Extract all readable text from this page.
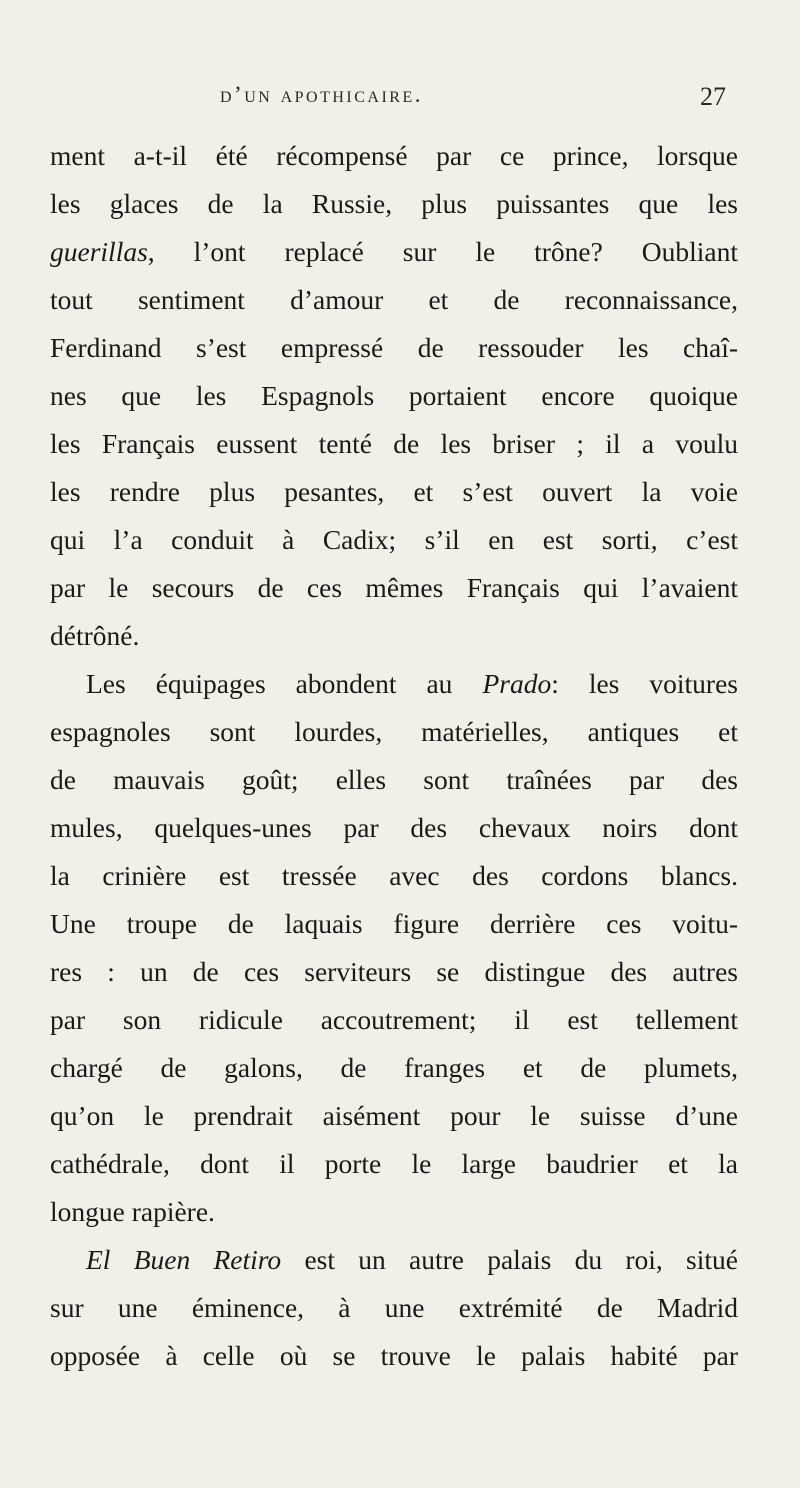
d’un apothicaire.	27
ment a-t-il été récompensé par ce prince, lorsque
les glaces de la Russie, plus puissantes que les
guerillas, l’ont replacé sur le trône? Oubliant
tout sentiment d’amour et de reconnaissance,
Ferdinand s’est empressé de ressouder les chaî-
nes que les Espagnols portaient encore quoique
les Français eussent tenté de les briser ; il a voulu
les rendre plus pesantes, et s’est ouvert la voie
qui l’a conduit à Cadix; s’il en est sorti, c’est
par le secours de ces mêmes Français qui l’avaient
détrôné.
Les équipages abondent au Prado: les voitures
espagnoles sont lourdes, matérielles, antiques et
de mauvais goût; elles sont traînées par des
mules, quelques-unes par des chevaux noirs dont
la crinière est tressée avec des cordons blancs.
Une troupe de laquais figure derrière ces voitu-
res : un de ces serviteurs se distingue des autres
par son ridicule accoutrement; il est tellement
chargé de galons, de franges et de plumets,
qu’on le prendrait aisément pour le suisse d’une
cathédrale, dont il porte le large baudrier et la
longue rapière.
El Buen Retiro est un autre palais du roi, situé
sur une éminence, à une extrémité de Madrid
opposée à celle où se trouve le palais habité par
